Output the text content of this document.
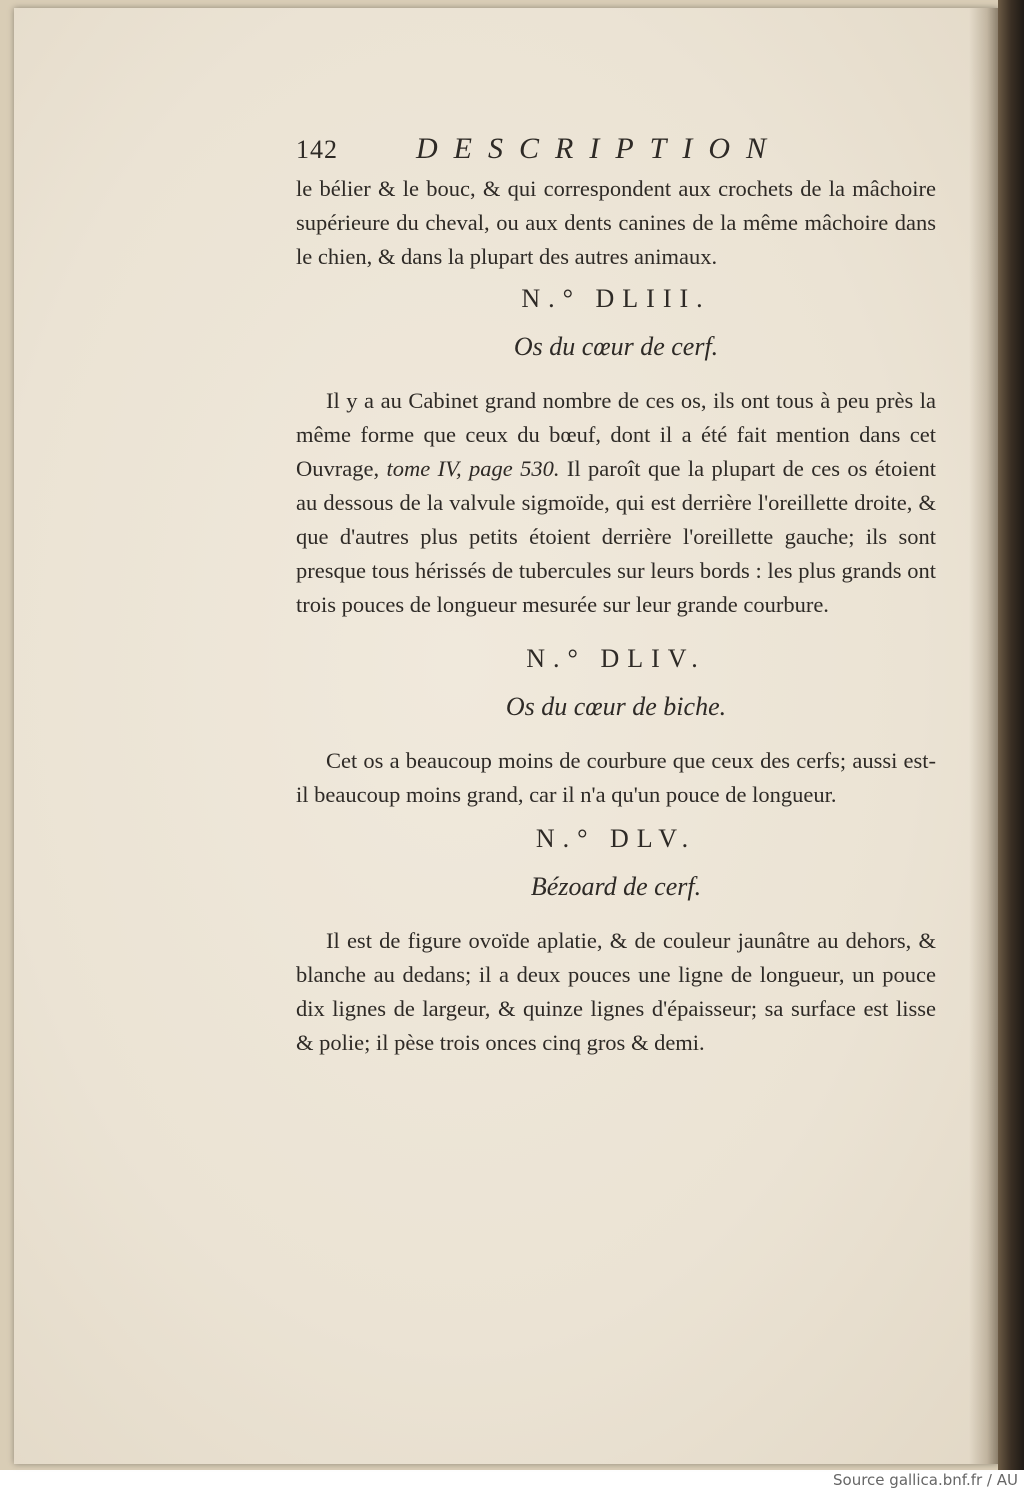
142	DESCRIPTION

le bélier & le bouc, & qui correspondent aux crochets de la mâchoire supérieure du cheval, ou aux dents canines de la même mâchoire dans le chien, & dans la plupart des autres animaux.

N.° DLIII.
Os du cœur de cerf.

Il y a au Cabinet grand nombre de ces os, ils ont tous à peu près la même forme que ceux du bœuf, dont il a été fait mention dans cet Ouvrage, tome IV, page 530. Il paroît que la plupart de ces os étoient au dessous de la valvule sigmoïde, qui est derrière l'oreillette droite, & que d'autres plus petits étoient derrière l'oreillette gauche; ils sont presque tous hérissés de tubercules sur leurs bords : les plus grands ont trois pouces de longueur mesurée sur leur grande courbure.

N.° DLIV.
Os du cœur de biche.

Cet os a beaucoup moins de courbure que ceux des cerfs; aussi est-il beaucoup moins grand, car il n'a qu'un pouce de longueur.

N.° DLV.
Bézoard de cerf.

Il est de figure ovoïde aplatie, & de couleur jaunâtre au dehors, & blanche au dedans; il a deux pouces une ligne de longueur, un pouce dix lignes de largeur, & quinze lignes d'épaisseur; sa surface est lisse & polie; il pèse trois onces cinq gros & demi.

Source gallica.bnf.fr / AU
